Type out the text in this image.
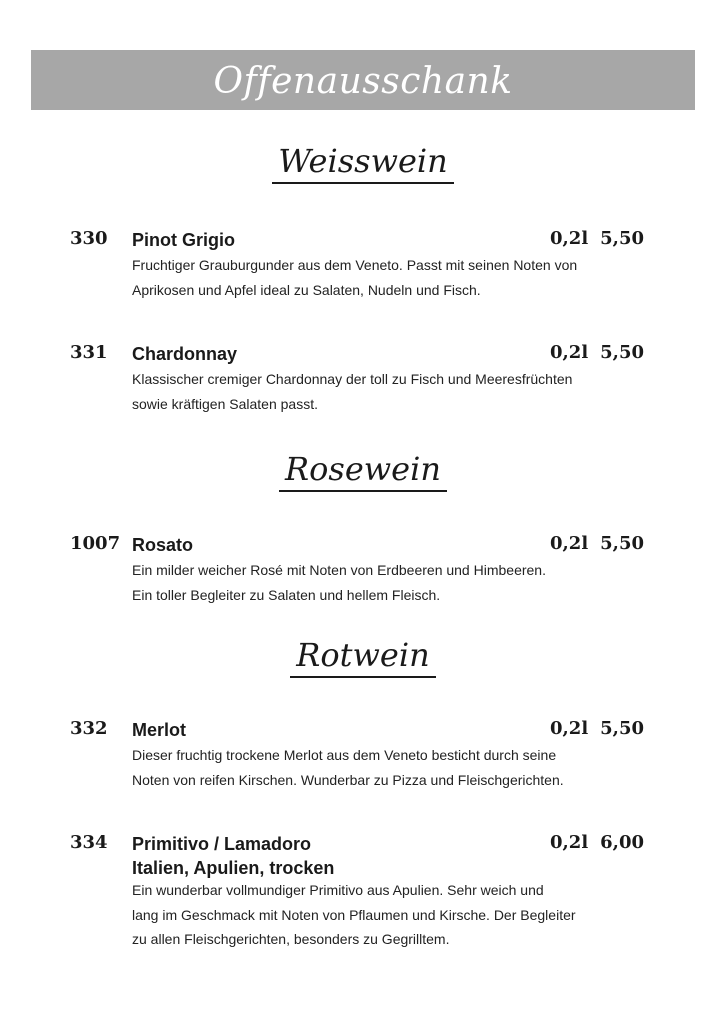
Offenausschank
Weisswein
330 Pinot Grigio	0,2l 5,50
Fruchtiger Grauburgunder aus dem Veneto. Passt mit seinen Noten von
Aprikosen und Apfel ideal zu Salaten, Nudeln und Fisch.
331 Chardonnay	0,2l 5,50
Klassischer cremiger Chardonnay der toll zu Fisch und Meeresfrüchten
sowie kräftigen Salaten passt.
Rosewein
1007 Rosato	0,2l 5,50
Ein milder weicher Rosé mit Noten von Erdbeeren und Himbeeren.
Ein toller Begleiter zu Salaten und hellem Fleisch.
Rotwein
332 Merlot	0,2l 5,50
Dieser fruchtig trockene Merlot aus dem Veneto besticht durch seine
Noten von reifen Kirschen. Wunderbar zu Pizza und Fleischgerichten.
334 Primitivo / Lamadoro
Italien, Apulien, trocken
0,2l 6,00
Ein wunderbar vollmundiger Primitivo aus Apulien. Sehr weich und
lang im Geschmack mit Noten von Pflaumen und Kirsche. Der Begleiter
zu allen Fleischgerichten, besonders zu Gegrilltem.
